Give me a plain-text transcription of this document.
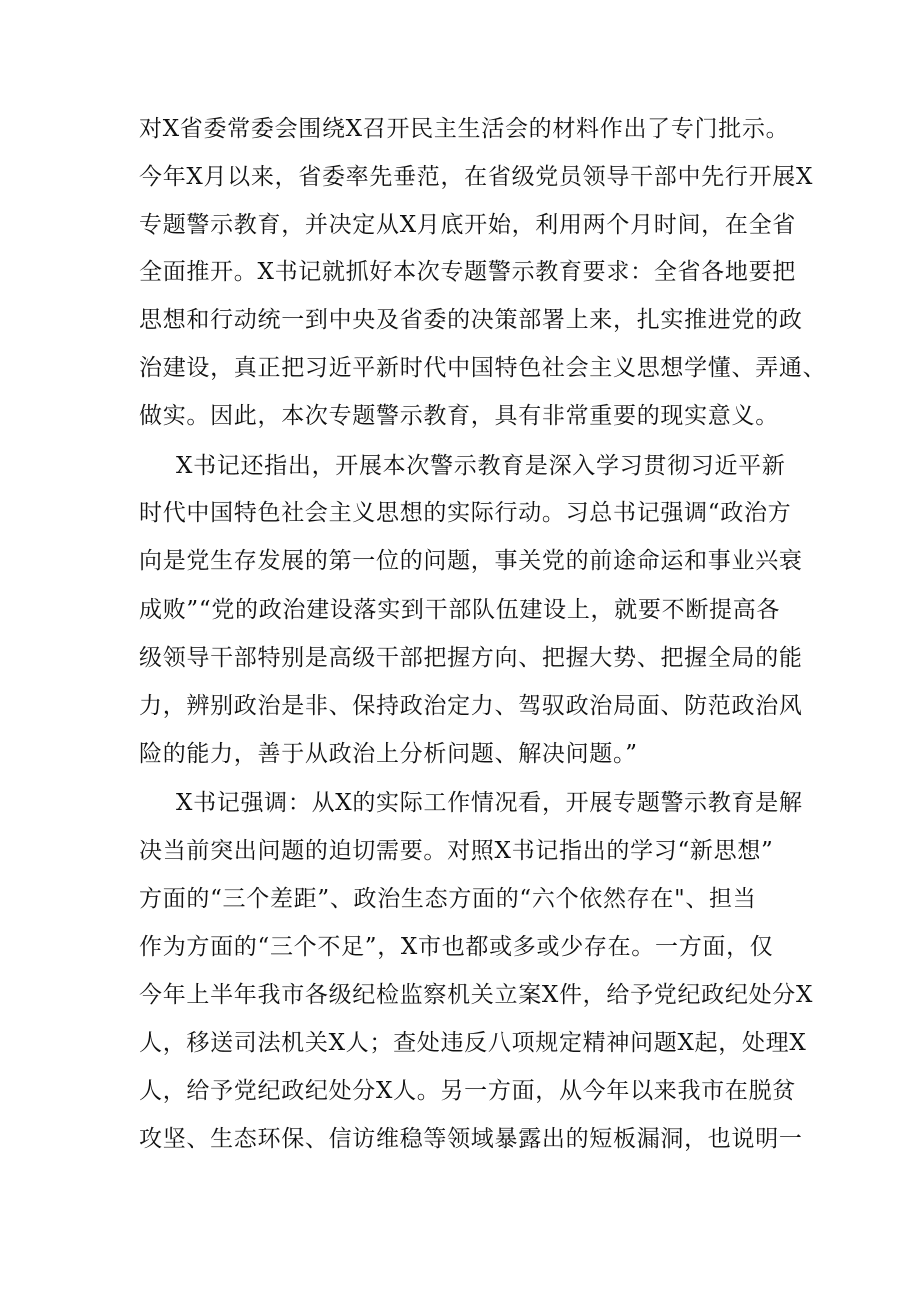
对X省委常委会围绕X召开民主生活会的材料作出了专门批示。
今年X月以来，省委率先垂范，在省级党员领导干部中先行开展X
专题警示教育，并决定从X月底开始，利用两个月时间，在全省
全面推开。X书记就抓好本次专题警示教育要求：全省各地要把
思想和行动统一到中央及省委的决策部署上来，扎实推进党的政
治建设，真正把习近平新时代中国特色社会主义思想学懂、弄通、
做实。因此，本次专题警示教育，具有非常重要的现实意义。
X书记还指出，开展本次警示教育是深入学习贯彻习近平新
时代中国特色社会主义思想的实际行动。习总书记强调“政治方
向是党生存发展的第一位的问题，事关党的前途命运和事业兴衰
成败”“党的政治建设落实到干部队伍建设上，就要不断提高各
级领导干部特别是高级干部把握方向、把握大势、把握全局的能
力，辨别政治是非、保持政治定力、驾驭政治局面、防范政治风
险的能力，善于从政治上分析问题、解决问题。”
X书记强调：从X的实际工作情况看，开展专题警示教育是解
决当前突出问题的迫切需要。对照X书记指出的学习“新思想”
方面的“三个差距”、政治生态方面的“六个依然存在"、担当
作为方面的“三个不足”，X市也都或多或少存在。一方面，仅
今年上半年我市各级纪检监察机关立案X件，给予党纪政纪处分X
人，移送司法机关X人；查处违反八项规定精神问题X起，处理X
人，给予党纪政纪处分X人。另一方面，从今年以来我市在脱贫
攻坚、生态环保、信访维稳等领域暴露出的短板漏洞，也说明一
